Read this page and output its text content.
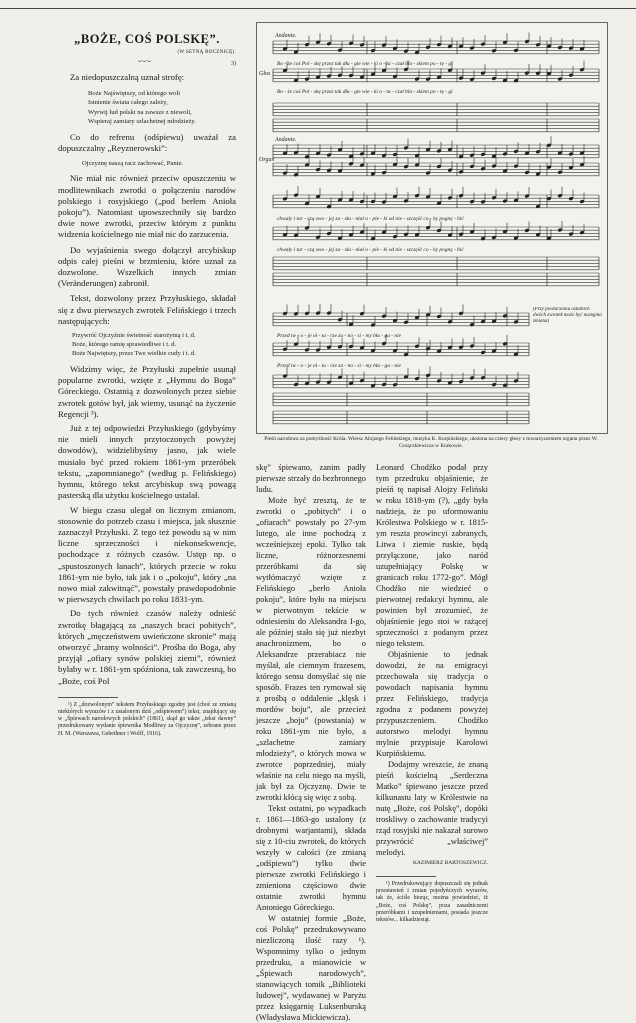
„BOŻE, COŚ POLSKĘ”.
(W SETNĄ ROCZNICĘ).
⌣⌣⌣	3)

Za niedopuszczalną uznał strofę:

Boże Najświętszy, od którego woli
Istnienie świata całego zależy,
Wyrwij lud polski na zawsze z niewoli,
Wspieraj zamiary szlachetnej młodzieży.

Co do refrenu (odśpiewu) uważał za dopuszczalny „Reyznerowski”:

Ojczyznę naszą racz zachować, Panie.

Nie miał nic również przeciw opuszczeniu w modlitewnikach zwrotki o połączeniu narodów polskiego i rosyjskiego („pod berłem Anioła pokoju”). Natomiast upowszechniły się bardzo dwie nowe zwrotki, przeciw którym z punktu widzenia kościelnego nie miał nic do zarzucenia.

Do wyjaśnienia swego dołączył arcybiskup odpis całej pieśni w brzmieniu, które uznał za dozwolone. Wszelkich innych zmian (Veränderungen) zabronił.

Tekst, dozwolony przez Przyłuskiego, składał się z dwu pierwszych zwrotek Felińskiego i trzech następujących:

Przywróć Ojczyźnie świetność starożytną i t. d.
Boże, którego ramię sprawiedliwe i t. d.
Boże Najwiętszy, przez Twe wielkie cudy i t. d.

Widzimy więc, że Przyłuski zupełnie usunął popularne zwrotki, wzięte z „Hymnu do Boga” Góreckiego. Ostatnią z dozwolonych przez siebie zwrotek gotów był, jak wiemy, usunąć na życzenie Regencji ³).

Już z tej odpowiedzi Przyłuskiego (gdybyśmy nie mieli innych przytoczonych powyżej dowodów), widzielibyśmy jasno, jak wiele musiało być przed rokiem 1861-ym przeróbek tekstu, „zapomnianego” (według p. Felińskiego) hymnu, którego tekst arcybiskup swą powagą pasterską dla użytku kościelnego ustalał.

W biegu czasu ulegał on licznym zmianom, stosownie do potrzeb czasu i miejsca, jak słusznie zaznaczył Przyłuski. Z tego też powodu są w nim liczne sprzeczności i niekonsekwencje, pochodzące z różnych czasów. Ustęp np. o „spustoszonych łanach”, których przecie w roku 1861-ym nie było, tak jak i o „pokoju”, który „na nowo miał zakwitnąć”, powstały prawdopodobnie w pierwszych chwilach po roku 1831-ym.

Do tych również czasów należy odnieść zwrotkę błagającą za „naszych braci pobitych”, których „męczeństwem uwieńczone skronie” mają otworzyć „bramy wolności”. Prośba do Boga, aby przyjął „ofiary synów polskiej ziemi”, również byłaby w r. 1861-ym spóźniona, tak zawczesną, bo „Boże, coś Pol

¹) Z „dozwolonym” tekstem Przyłuskiego zgodny jest (choć ze zmianą niektórych wyrazów i z ustalonym dziś „odśpiewem”) tekst, znajdujący się w „Śpiewach narodowych polskich” (1861), skąd go także „tekst dawny” przedrukowany wydanie śpiewnika Modlitwy za Ojczyznę”, zebrane przez H. M. (Warszawa, Gebethner i Wolff, 1916).
Andante.
Głos
Bo - że coś Pol - skę przez tak dłu - gie wie - ki o - ta - czał bla - skiem po - tę - gi
Bo - że coś Pol - skę przez tak dłu - gie wie - ki o - ta - czał bla - skiem po - tę - gi
Andante.
Organ
chwały i tar - czą swo - jej za - sła - niał o - pie - ki od nie - szczęść co - by pognę - bić
chwały i tar - czą swo - jej za - sła - niał o - pie - ki od nie - szczęść co - by pognę - bić
Przed tw - o - je oł - ta - rze za - no - si - my bła - ga - nie
Przed tw - o - je oł - ta - rze za - no - si - my bła - ga - nie
(Przy powtarzaniu ostatnich dwóch zwrotek może być następna zmiana)
Pieśń narodowa za pomyślność Króla. Wiersz Alojzego Felińskiego, muzyka K. Kurpińskiego, ułożona na cztery głosy z towarzyszeniem organu przez W. Gorączkiewicza w Krakowie.

skę” śpiewano, zanim padły pierwsze strzały do bezbronnego ludu.

Może być zresztą, że te zwrotki o „pobitych” i o „ofiarach” powstały po 27-ym lutego, ale inne pochodzą z wcześniejszej epoki. Tylko tak liczne, różnorzesnemi przeróbkami da się wytłómaczyć wzięte z Felińskiego „berło Anioła pokoju”, które było na miejscu w pierwotnym tekście w odniesieniu do Aleksandra I-go, ale później stało się już niezbyt anachronizmem, bo o Aleksandrze przerabiacz nie myślał, ale ciemnym frazesem, którego sensu domyślać się nie sposób. Frazes ten rymował się z prośbą o oddalenie „klęsk i mordów boju”, ale przecież jeszcze „boju” (powstania) w roku 1861-ym nie było, a „szlachetne zamiary młodzieży”, o których mowa w zwrotce poprzedniej, miały właśnie na celu niego na myśli, jak był za Ojczyznę. Dwie te zwrotki kłócą się więc z sobą.

Tekst ostatni, po wypadkach r. 1861—1863-go ustalony (z drobnymi warjantami), składa się z 10-ciu zwrotek, do których wszyły w całości (ze zmianą „odśpiewu”) tylko dwie pierwsze zwrotki Felińskiego i zmieniona częściowo dwie ostatnie zwrotki hymnu Antoniego Góreckiego.

W ostatniej formie „Boże, coś Polskę” przedrukowywano niezliczoną ilość razy ¹). Wspomnimy tylko o jednym przedruku, a mianowicie w „Śpiewach narodowych”, stanowiących tomik „Biblioteki ludowej”, wydawanej w Paryżu przez księgarnię Luksenburską (Władysława Mickiewicza).

Leonard Chodźko podał przy tym przedruku objaśnienie, że pieśń tę napisał Alojzy Feliński w roku 1818-ym (?), „gdy była nadzieja, że po uformowaniu Królestwa Polskiego w r. 1815-ym reszta prowincyi zabranych, Litwa i ziemie ruskie, będą przyłączone, jako naród uzupełniający Polskę w granicach roku 1772-go”. Mógł Chodźko nie wiedzieć o pierwotnej redakcyi hymnu, ale powinien był zrozumieć, że objaśnienie jego stoi w rażącej sprzeczności z podanym przez niego tekstem.

Objaśnienie to jednak dowodzi, że na emigracyi przechowała się tradycja o powodach napisania hymnu przez Felińskiego, tradycja zgodna z podanem powyżej przypuszczeniem. Chodźko autorstwo melodyi hymnu mylnie przypisuje Karolowi Kurpińskiemu.

Dodajmy wreszcie, że znaną pieśń kościelną „Serdeczna Matko” śpiewano jeszcze przed kilkunastu laty w Królestwie na nutę „Boże, coś Polskę”, dopóki troskliwy o zachowanie tradycyi rząd rosyjski nie nakazał surowo przywrócić „właściwej” melodyi.

KAZIMIERZ BARTOSZEWICZ.
¹) Przedrukowujący dopuszczali się jednak przestawień i zmian pojedyńczych wyrazów, tak że, ściśle biorąc, można powiedzieć, iż „Boże, coś Polskę”, poza zasadniczemi przeróbkami i uzupełnieniami, posiada jeszcze tekstów... kilkadziesiąt.
